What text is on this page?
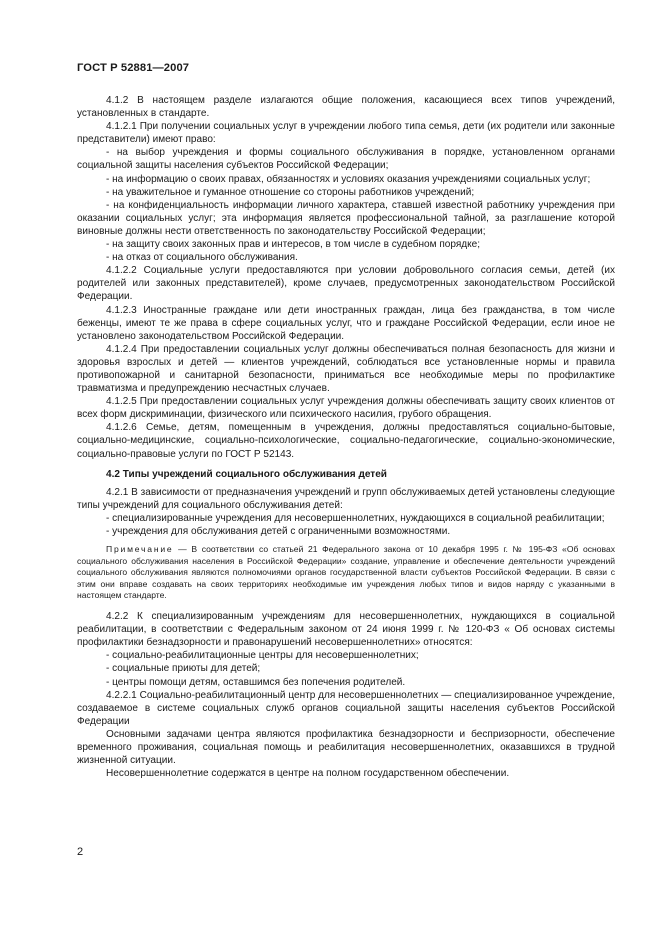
ГОСТ Р 52881—2007

4.1.2 В настоящем разделе излагаются общие положения, касающиеся всех типов учреждений, установленных в стандарте.

4.1.2.1 При получении социальных услуг в учреждении любого типа семья, дети (их родители или законные представители) имеют право:

- на выбор учреждения и формы социального обслуживания в порядке, установленном органами социальной защиты населения субъектов Российской Федерации;

- на информацию о своих правах, обязанностях и условиях оказания учреждениями социальных услуг;

- на уважительное и гуманное отношение со стороны работников учреждений;

- на конфиденциальность информации личного характера, ставшей известной работнику учреждения при оказании социальных услуг; эта информация является профессиональной тайной, за разглашение которой виновные должны нести ответственность по законодательству Российской Федерации;

- на защиту своих законных прав и интересов, в том числе в судебном порядке;

- на отказ от социального обслуживания.

4.1.2.2 Социальные услуги предоставляются при условии добровольного согласия семьи, детей (их родителей или законных представителей), кроме случаев, предусмотренных законодательством Российской Федерации.

4.1.2.3 Иностранные граждане или дети иностранных граждан, лица без гражданства, в том числе беженцы, имеют те же права в сфере социальных услуг, что и граждане Российской Федерации, если иное не установлено законодательством Российской Федерации.

4.1.2.4 При предоставлении социальных услуг должны обеспечиваться полная безопасность для жизни и здоровья взрослых и детей — клиентов учреждений, соблюдаться все установленные нормы и правила противопожарной и санитарной безопасности, приниматься все необходимые меры по профилактике травматизма и предупреждению несчастных случаев.

4.1.2.5 При предоставлении социальных услуг учреждения должны обеспечивать защиту своих клиентов от всех форм дискриминации, физического или психического насилия, грубого обращения.

4.1.2.6 Семье, детям, помещенным в учреждения, должны предоставляться социально-бытовые, социально-медицинские, социально-психологические, социально-педагогические, социально-экономические, социально-правовые услуги по ГОСТ Р 52143.

4.2 Типы учреждений социального обслуживания детей

4.2.1 В зависимости от предназначения учреждений и групп обслуживаемых детей установлены следующие типы учреждений для социального обслуживания детей:

- специализированные учреждения для несовершеннолетних, нуждающихся в социальной реабилитации;

- учреждения для обслуживания детей с ограниченными возможностями.

Примечание — В соответствии со статьей 21 Федерального закона от 10 декабря 1995 г. № 195-ФЗ «Об основах социального обслуживания населения в Российской Федерации» создание, управление и обеспечение деятельности учреждений социального обслуживания являются полномочиями органов государственной власти субъектов Российской Федерации. В связи с этим они вправе создавать на своих территориях необходимые им учреждения любых типов и видов наряду с указанными в настоящем стандарте.

4.2.2 К специализированным учреждениям для несовершеннолетних, нуждающихся в социальной реабилитации, в соответствии с Федеральным законом от 24 июня 1999 г. № 120-ФЗ « Об основах системы профилактики безнадзорности и правонарушений несовершеннолетних» относятся:

- социально-реабилитационные центры для несовершеннолетних;

- социальные приюты для детей;

- центры помощи детям, оставшимся без попечения родителей.

4.2.2.1 Социально-реабилитационный центр для несовершеннолетних — специализированное учреждение, создаваемое в системе социальных служб органов социальной защиты населения субъектов Российской Федерации

Основными задачами центра являются профилактика безнадзорности и беспризорности, обеспечение временного проживания, социальная помощь и реабилитация несовершеннолетних, оказавшихся в трудной жизненной ситуации.

Несовершеннолетние содержатся в центре на полном государственном обеспечении.

2
